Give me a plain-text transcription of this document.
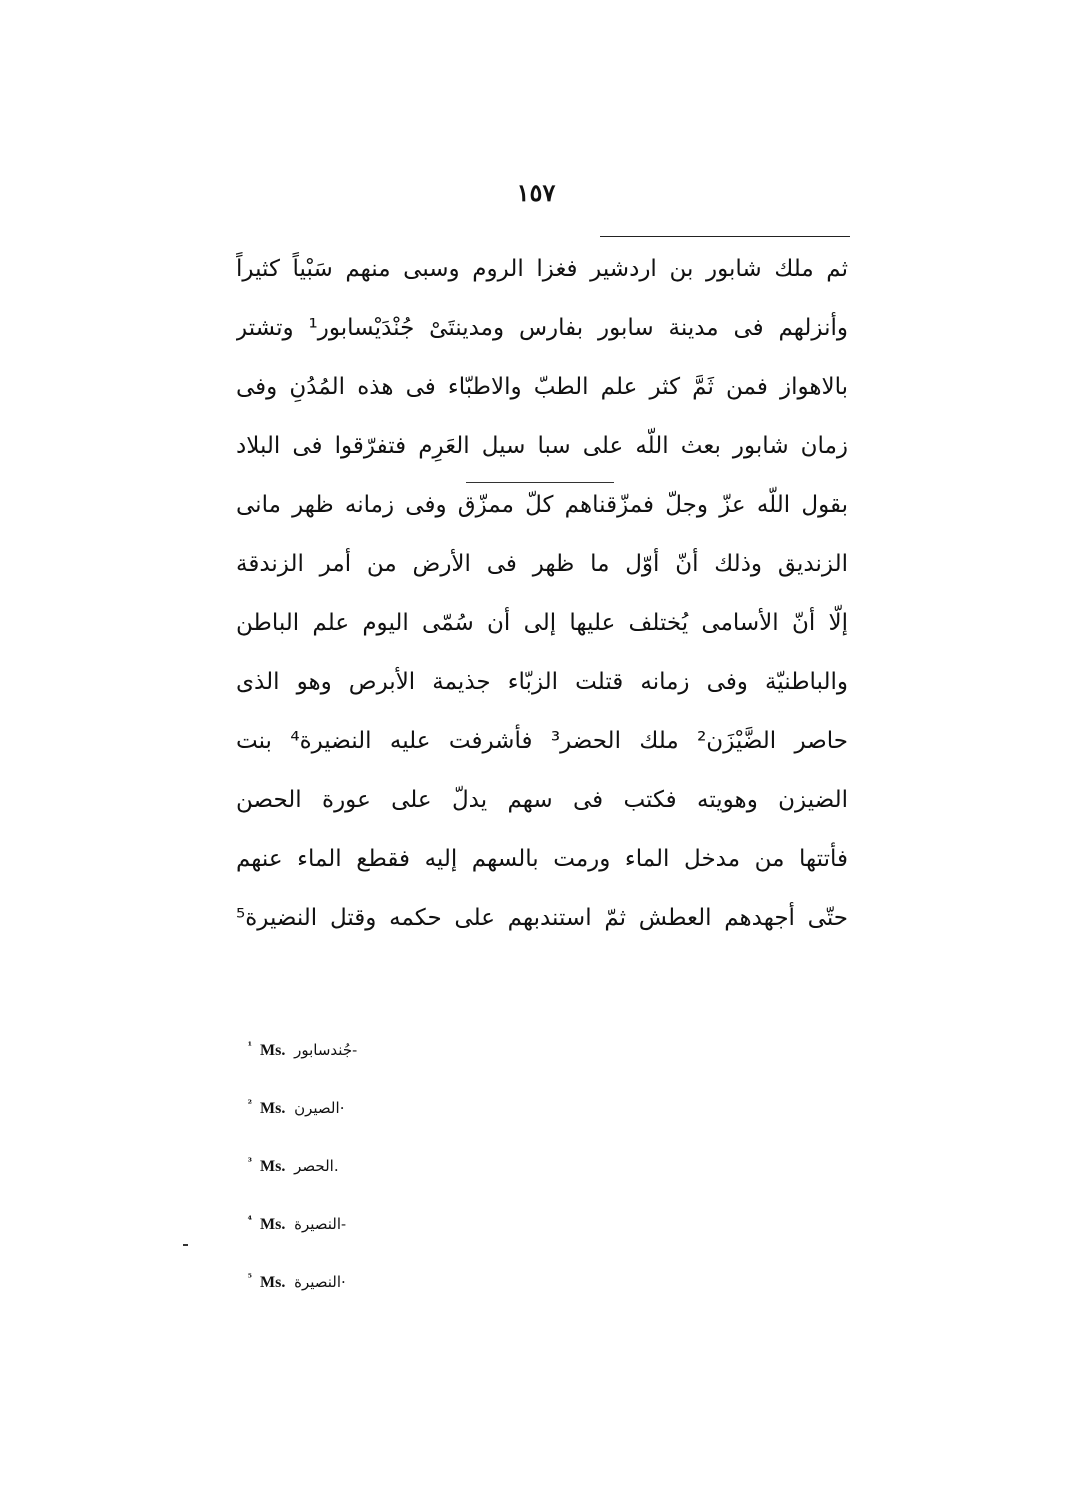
١٥٧
ثم ملك شابور بن اردشير فغزا الروم وسبى منهم سَبْياً كثيراً
وأنزلهم فى مدينة سابور بفارس ومدينتَىْ جُنْدَيْسابور¹ وتشتر
بالاهواز فمن ثَمَّ كثر علم الطبّ والاطبّاء فى هذه المُدُنِ وفى
زمان شابور بعث اللّه على سبا سيل العَرِم فتفرّقوا فى البلاد
بقول اللّه عزّ وجلّ فمزّقناهم كلّ ممزّق وفى زمانه ظهر مانى
الزنديق وذلك أنّ أوّل ما ظهر فى الأرض من أمر الزندقة
إلّا أنّ الأسامى يُختلف عليها إلى أن سُمّى اليوم علم الباطن
والباطنيّة وفى زمانه قتلت الزبّاء جذيمة الأبرص وهو الذى
حاصر الضَّيْزَن² ملك الحضر³ فأشرفت عليه النضيرة⁴ بنت
الضيزن وهويته فكتب فى سهم يدلّ على عورة الحصن
فأتتها من مدخل الماء ورمت بالسهم إليه فقطع الماء عنهم
حتّى أجهدهم العطش ثمّ استندبهم على حكمه وقتل النضيرة⁵
¹ Ms. جُندسابور-
² Ms. الصيرن·
³ Ms. الحصر.
⁴ Ms. النصيرة-
⁵ Ms. النصيرة·
